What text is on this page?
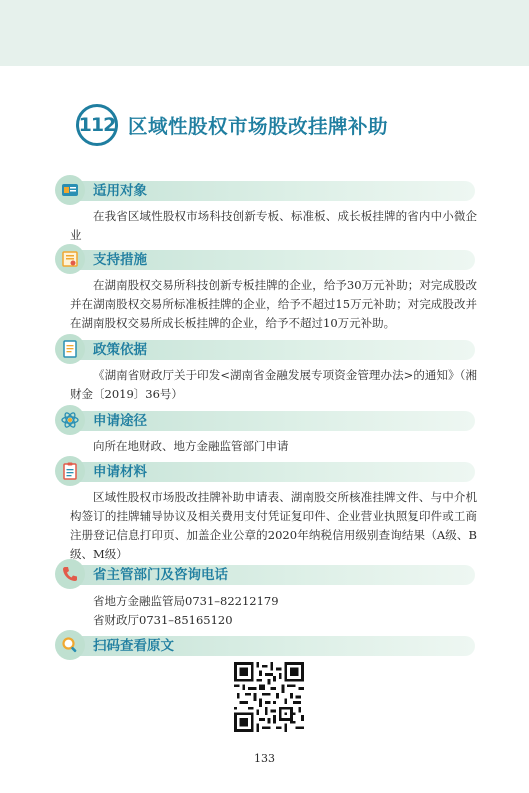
112 区域性股权市场股改挂牌补助
适用对象

在我省区域性股权市场科技创新专板、标准板、成长板挂牌的省内中小微企业

支持措施

在湖南股权交易所科技创新专板挂牌的企业，给予30万元补助；对完成股改并在湖南股权交易所标准板挂牌的企业，给予不超过15万元补助；对完成股改并在湖南股权交易所成长板挂牌的企业，给予不超过10万元补助。

政策依据

《湖南省财政厅关于印发<湖南省金融发展专项资金管理办法>的通知》（湘财金〔2019〕36号）

申请途径

向所在地财政、地方金融监管部门申请

申请材料

区域性股权市场股改挂牌补助申请表、湖南股交所核准挂牌文件、与中介机构签订的挂牌辅导协议及相关费用支付凭证复印件、企业营业执照复印件或工商注册登记信息打印页、加盖企业公章的2020年纳税信用级别查询结果（A级、B级、M级）

省主管部门及咨询电话

省地方金融监管局0731–82212179

省财政厅0731–85165120

扫码查看原文
133
